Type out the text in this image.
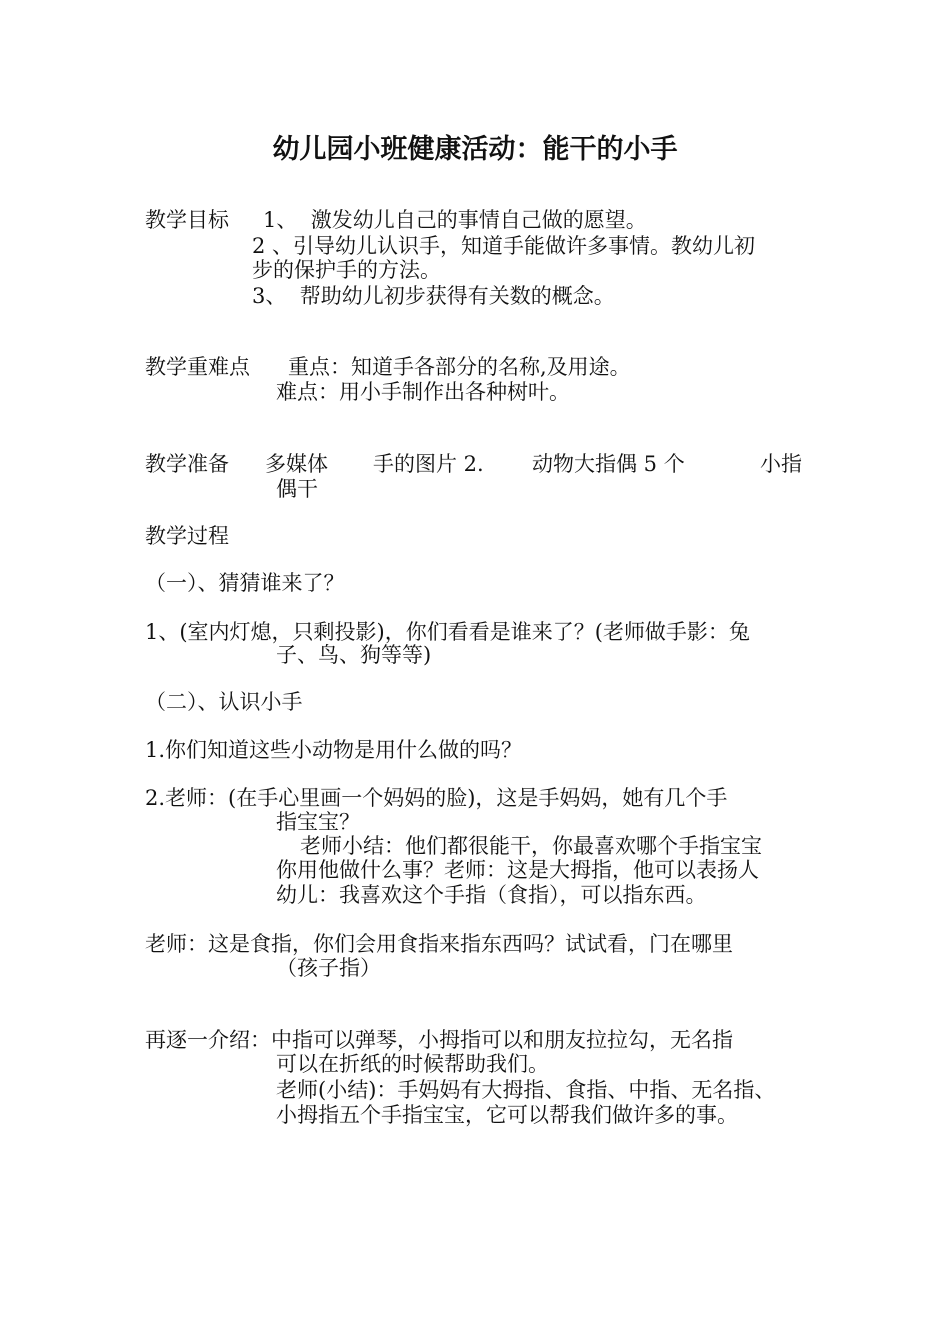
幼儿园小班健康活动：能干的小手
教学目标 1、  激发幼儿自己的事情自己做的愿望。
2 、引导幼儿认识手，知道手能做许多事情。教幼儿初
步的保护手的方法。
3、  帮助幼儿初步获得有关数的概念。
教学重难点 重点：知道手各部分的名称,及用途。
难点：用小手制作出各种树叶。
教学准备 多媒体 手的图片 2. 动物大指偶 5 个	小指
偶干
教学过程
（一）、猜猜谁来了？
1、(室内灯熄，只剩投影)，你们看看是谁来了？(老师做手影：兔
子、鸟、狗等等)
（二）、认识小手
1.你们知道这些小动物是用什么做的吗？
2.老师：(在手心里画一个妈妈的脸)，这是手妈妈，她有几个手
指宝宝？
老师小结：他们都很能干，你最喜欢哪个手指宝宝
你用他做什么事？老师：这是大拇指，他可以表扬人
幼儿：我喜欢这个手指（食指），可以指东西。
老师：这是食指，你们会用食指来指东西吗？试试看，门在哪里
（孩子指）
再逐一介绍：中指可以弹琴，小拇指可以和朋友拉拉勾，无名指
可以在折纸的时候帮助我们。
老师(小结)：手妈妈有大拇指、食指、中指、无名指、
小拇指五个手指宝宝，它可以帮我们做许多的事。
